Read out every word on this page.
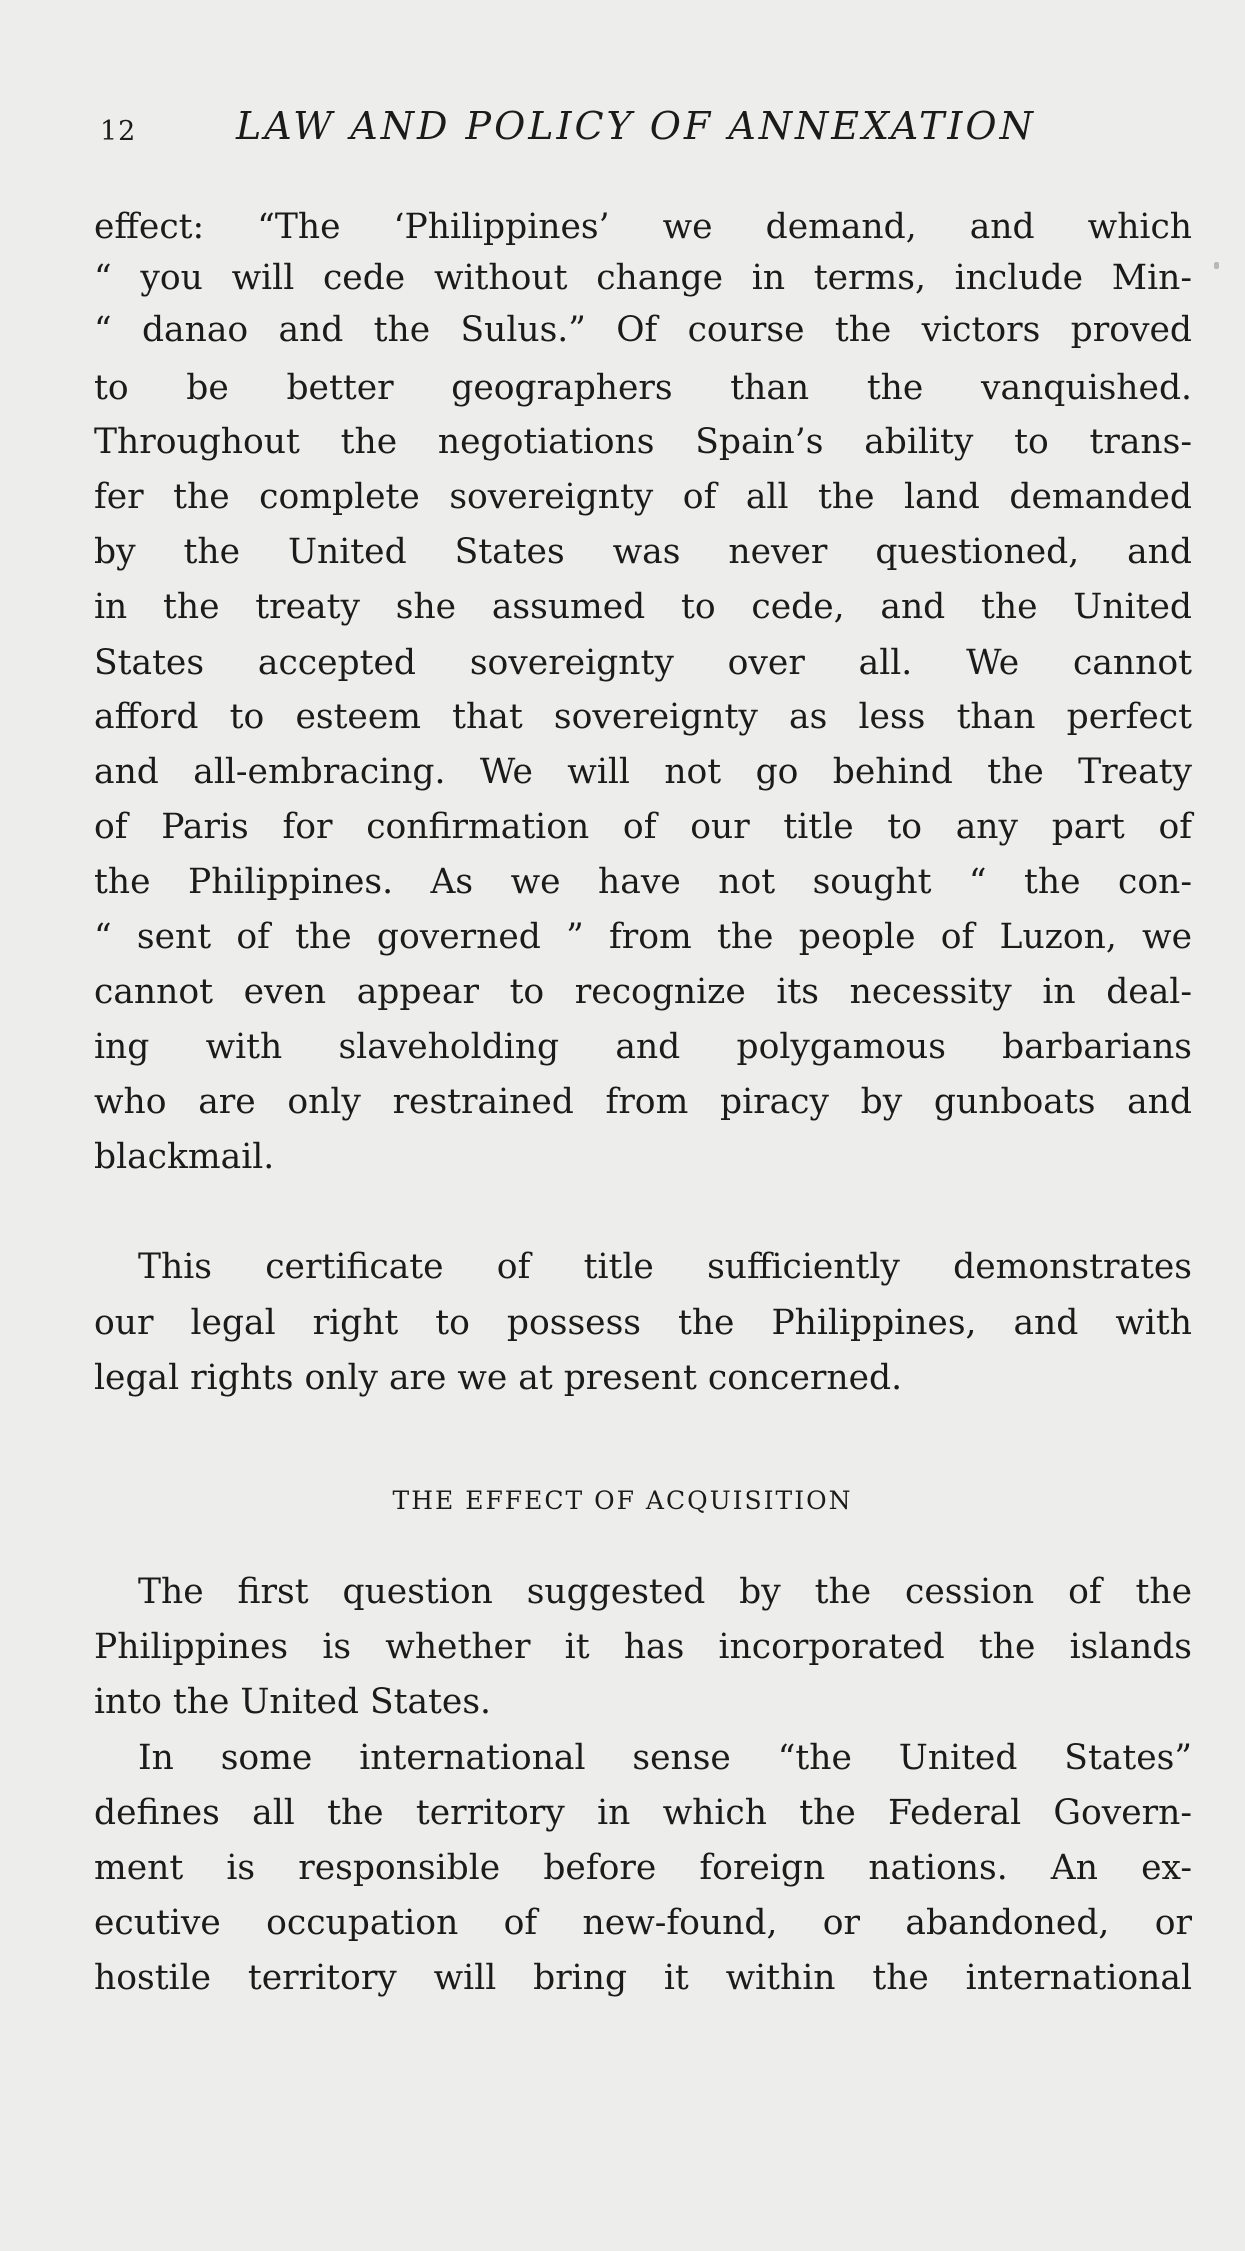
12	LAW AND POLICY OF ANNEXATION
effect: “The ‘Philippines’ we demand, and which
“ you will cede without change in terms, include Min-
“ danao and the Sulus.” Of course the victors proved
to be better geographers than the vanquished.
Throughout the negotiations Spain’s ability to trans-
fer the complete sovereignty of all the land demanded
by the United States was never questioned, and
in the treaty she assumed to cede, and the United
States accepted sovereignty over all. We cannot
afford to esteem that sovereignty as less than perfect
and all-embracing. We will not go behind the Treaty
of Paris for confirmation of our title to any part of
the Philippines. As we have not sought “ the con-
“ sent of the governed ” from the people of Luzon, we
cannot even appear to recognize its necessity in deal-
ing with slaveholding and polygamous barbarians
who are only restrained from piracy by gunboats and
blackmail.
This certificate of title sufficiently demonstrates
our legal right to possess the Philippines, and with
legal rights only are we at present concerned.
THE EFFECT OF ACQUISITION
The first question suggested by the cession of the
Philippines is whether it has incorporated the islands
into the United States.
In some international sense “the United States”
defines all the territory in which the Federal Govern-
ment is responsible before foreign nations. An ex-
ecutive occupation of new-found, or abandoned, or
hostile territory will bring it within the international
